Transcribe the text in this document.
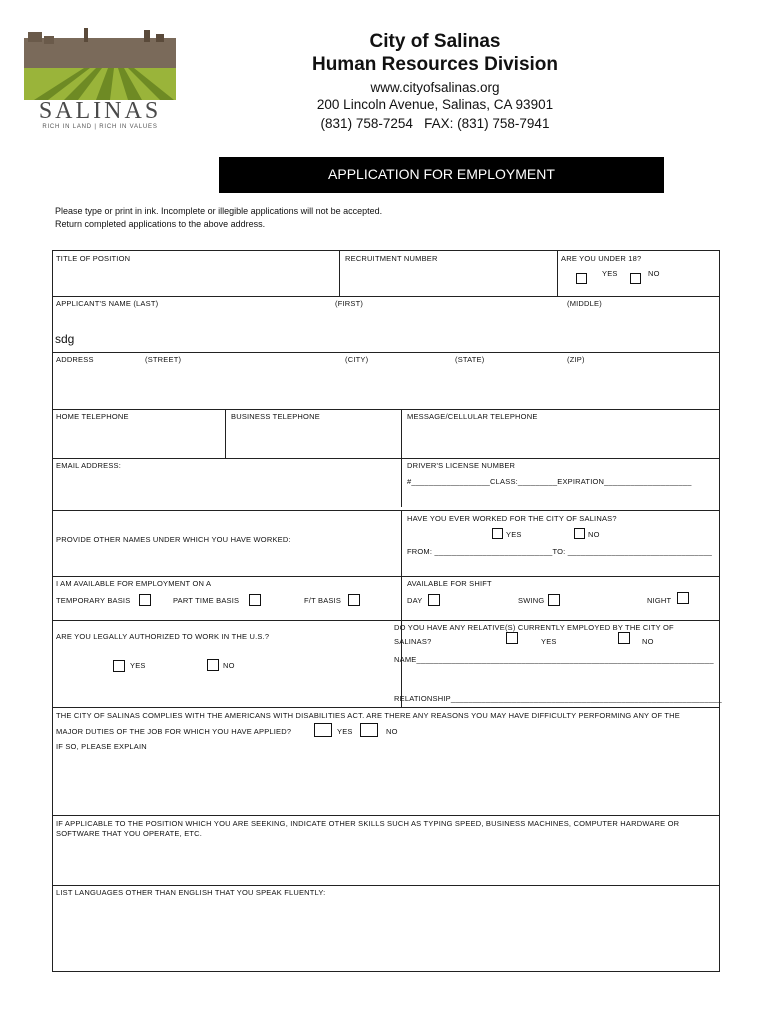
SALINAS
RICH IN LAND | RICH IN VALUES
City of Salinas
Human Resources Division
www.cityofsalinas.org
200 Lincoln Avenue, Salinas, CA 93901
(831) 758-7254   FAX: (831) 758-7941
APPLICATION FOR EMPLOYMENT
Please type or print in ink. Incomplete or illegible applications will not be accepted.
Return completed applications to the above address.
TITLE OF POSITION	RECRUITMENT NUMBER	ARE YOU UNDER 18?
YES	NO
APPLICANT'S NAME (LAST)	(FIRST)	(MIDDLE)
sdg
ADDRESS	(STREET)	(CITY)	(STATE)	(ZIP)
HOME TELEPHONE	BUSINESS TELEPHONE	MESSAGE/CELLULAR TELEPHONE
EMAIL ADDRESS:	DRIVER'S LICENSE NUMBER
#__________________CLASS:_________EXPIRATION____________________
PROVIDE OTHER NAMES UNDER WHICH YOU HAVE WORKED:
HAVE YOU EVER WORKED FOR THE CITY OF SALINAS?
YES	NO
FROM: ___________________________TO: _________________________________
I AM AVAILABLE FOR EMPLOYMENT ON A
TEMPORARY BASIS	PART TIME BASIS	F/T BASIS
AVAILABLE FOR SHIFT
DAY	SWING	NIGHT
ARE YOU LEGALLY AUTHORIZED TO WORK IN THE U.S.?
YES	NO
DO YOU HAVE ANY RELATIVE(S) CURRENTLY EMPLOYED BY THE CITY OF
SALINAS?	YES	NO
NAME____________________________________________________________________
RELATIONSHIP______________________________________________________________
THE CITY OF SALINAS COMPLIES WITH THE AMERICANS WITH DISABILITIES ACT. ARE THERE ANY REASONS YOU MAY HAVE DIFFICULTY PERFORMING ANY OF THE
MAJOR DUTIES OF THE JOB FOR WHICH YOU HAVE APPLIED?	YES	NO
IF SO, PLEASE EXPLAIN
IF APPLICABLE TO THE POSITION WHICH YOU ARE SEEKING, INDICATE OTHER SKILLS SUCH AS TYPING SPEED, BUSINESS MACHINES, COMPUTER HARDWARE OR
SOFTWARE THAT YOU OPERATE, ETC.
LIST LANGUAGES OTHER THAN ENGLISH THAT YOU SPEAK FLUENTLY:
